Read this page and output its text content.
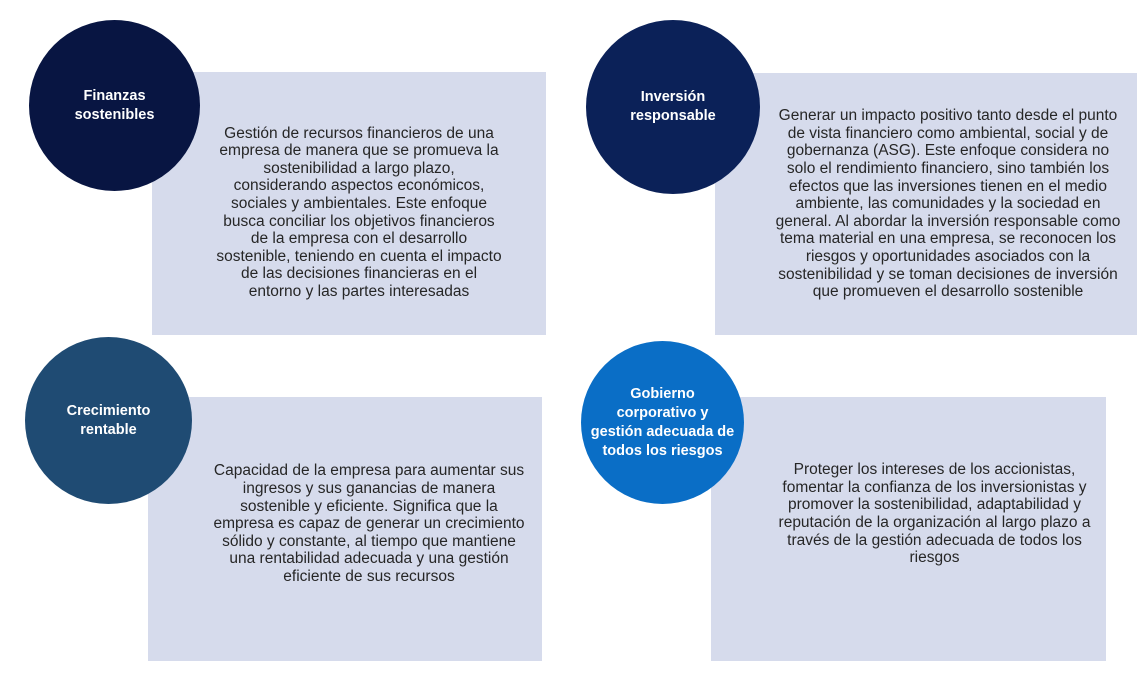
Gestión de recursos financieros de una empresa de manera que se promueva la sostenibilidad a largo plazo, considerando aspectos económicos, sociales y ambientales. Este enfoque busca conciliar los objetivos financieros de la empresa con el desarrollo sostenible, teniendo en cuenta el impacto de las decisiones financieras en el entorno y las partes interesadas

Finanzas sostenibles	Generar un impacto positivo tanto desde el punto de vista financiero como ambiental, social y de gobernanza (ASG). Este enfoque considera no solo el rendimiento financiero, sino también los efectos que las inversiones tienen en el medio ambiente, las comunidades y la sociedad en general. Al abordar la inversión responsable como tema material en una empresa, se reconocen los riesgos y oportunidades asociados con la sostenibilidad y se toman decisiones de inversión que promueven el desarrollo sostenible

Inversión responsable

Capacidad de la empresa para aumentar sus ingresos y sus ganancias de manera sostenible y eficiente. Significa que la empresa es capaz de generar un crecimiento sólido y constante, al tiempo que mantiene una rentabilidad adecuada y una gestión eficiente de sus recursos

Crecimiento rentable

Proteger los intereses de los accionistas, fomentar la confianza de los inversionistas y promover la sostenibilidad, adaptabilidad y reputación de la organización al largo plazo a través de la gestión adecuada de todos los riesgos

Gobierno corporativo y gestión adecuada de todos los riesgos
